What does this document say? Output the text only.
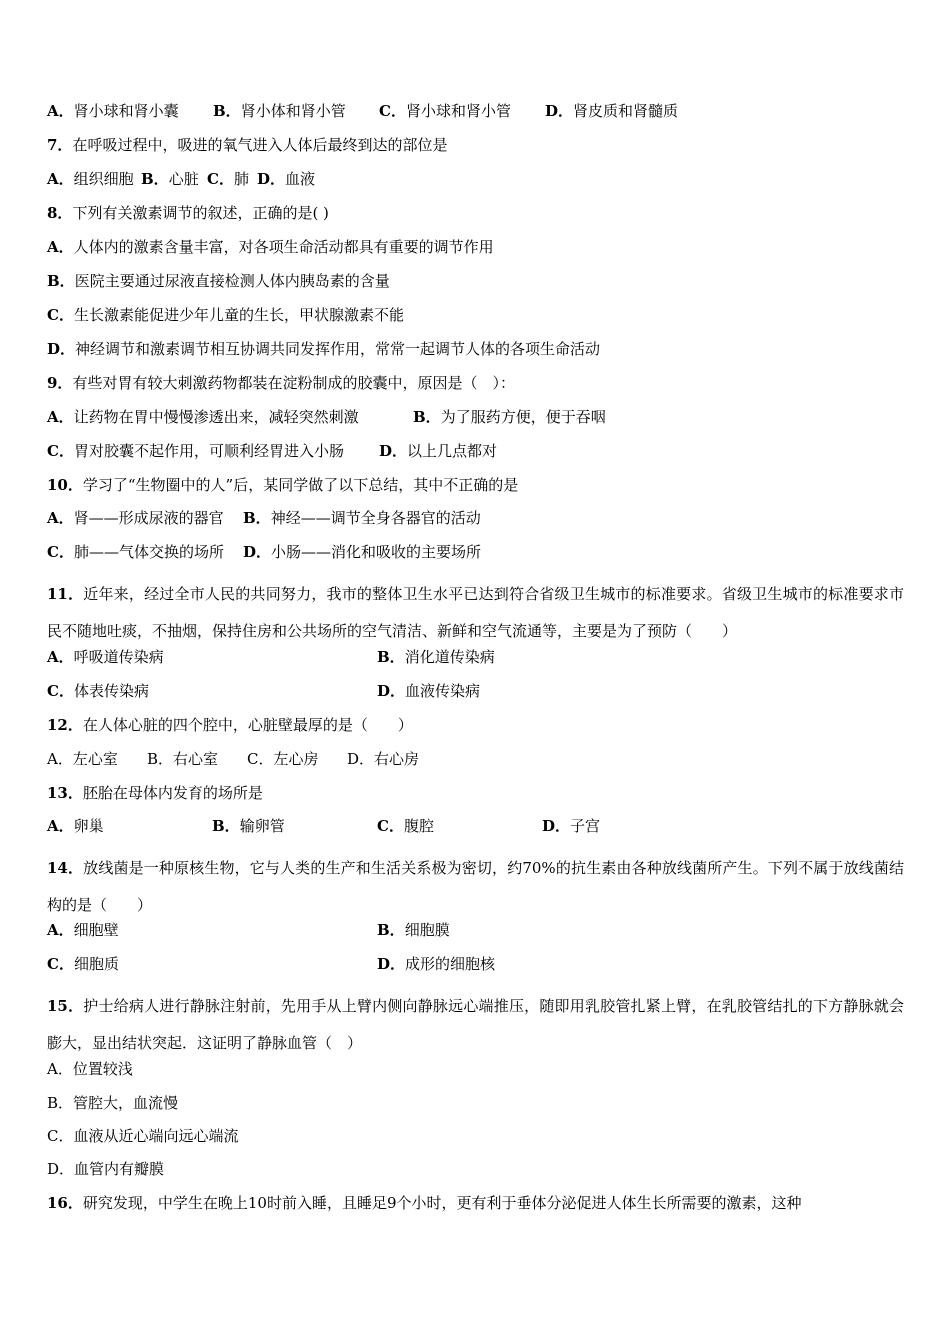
A．肾小球和肾小囊 B．肾小体和肾小管 C．肾小球和肾小管 D．肾皮质和肾髓质
7．在呼吸过程中，吸进的氧气进入人体后最终到达的部位是
A．组织细胞 B．心脏 C．肺 D．血液
8．下列有关激素调节的叙述，正确的是( )
A．人体内的激素含量丰富，对各项生命活动都具有重要的调节作用
B．医院主要通过尿液直接检测人体内胰岛素的含量
C．生长激素能促进少年儿童的生长，甲状腺激素不能
D．神经调节和激素调节相互协调共同发挥作用，常常一起调节人体的各项生命活动
9．有些对胃有较大刺激药物都装在淀粉制成的胶囊中，原因是（　）：
A．让药物在胃中慢慢渗透出来，减轻突然刺激	B．为了服药方便，便于吞咽
C．胃对胶囊不起作用，可顺利经胃进入小肠 D．以上几点都对
10．学习了“生物圈中的人”后，某同学做了以下总结，其中不正确的是
A．肾——形成尿液的器官 B．神经——调节全身各器官的活动
C．肺——气体交换的场所 D．小肠——消化和吸收的主要场所
11．近年来，经过全市人民的共同努力，我市的整体卫生水平已达到符合省级卫生城市的标准要求。省级卫生城市的标准要求市民不随地吐痰，不抽烟，保持住房和公共场所的空气清洁、新鲜和空气流通等，主要是为了预防（　　）
A．呼吸道传染病	B．消化道传染病
C．体表传染病	D．血液传染病
12．在人体心脏的四个腔中，心脏壁最厚的是（　　）
A．左心室 B．右心室 C．左心房 D．右心房
13．胚胎在母体内发育的场所是
A．卵巢	B．输卵管	C．腹腔	D．子宫
14．放线菌是一种原核生物，它与人类的生产和生活关系极为密切，约70%的抗生素由各种放线菌所产生。下列不属于放线菌结构的是（　　）
A．细胞壁	B．细胞膜
C．细胞质	D．成形的细胞核
15．护士给病人进行静脉注射前，先用手从上臂内侧向静脉远心端推压，随即用乳胶管扎紧上臂，在乳胶管结扎的下方静脉就会膨大，显出结状突起．这证明了静脉血管（　）
A．位置较浅
B．管腔大，血流慢
C．血液从近心端向远心端流
D．血管内有瓣膜
16．研究发现，中学生在晚上10时前入睡，且睡足9个小时，更有利于垂体分泌促进人体生长所需要的激素，这种
